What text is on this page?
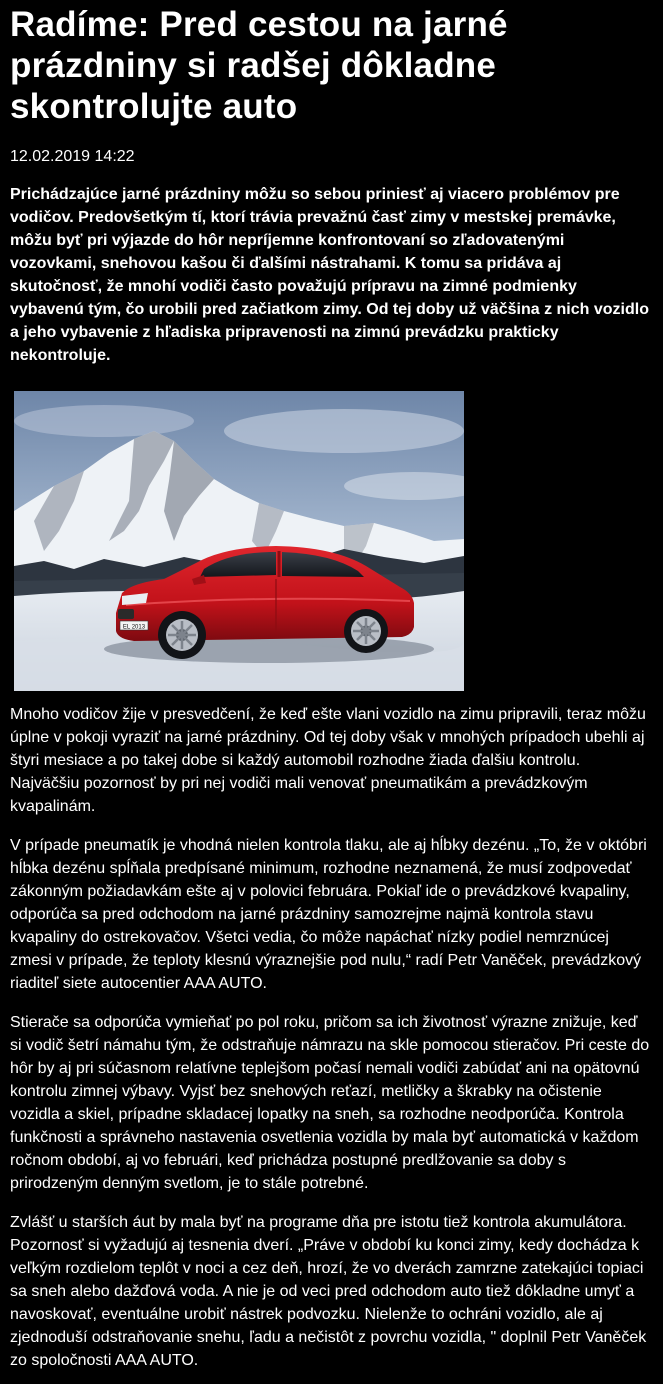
Radíme: Pred cestou na jarné prázdniny si radšej dôkladne skontrolujte auto
12.02.2019 14:22

Prichádzajúce jarné prázdniny môžu so sebou priniesť aj viacero problémov pre vodičov. Predovšetkým tí, ktorí trávia prevažnú časť zimy v mestskej premávke, môžu byť pri výjazde do hôr nepríjemne konfrontovaní so zľadovatenými vozovkami, snehovou kašou či ďalšími nástrahami. K tomu sa pridáva aj skutočnosť, že mnohí vodiči často považujú prípravu na zimné podmienky vybavenú tým, čo urobili pred začiatkom zimy. Od tej doby už väčšina z nich vozidlo a jeho vybavenie z hľadiska pripravenosti na zimnú prevádzku prakticky nekontroluje.

EL 2013

Mnoho vodičov žije v presvedčení, že keď ešte vlani vozidlo na zimu pripravili, teraz môžu úplne v pokoji vyraziť na jarné prázdniny. Od tej doby však v mnohých prípadoch ubehli aj štyri mesiace a po takej dobe si každý automobil rozhodne žiada ďalšiu kontrolu. Najväčšiu pozornosť by pri nej vodiči mali venovať pneumatikám a prevádzkovým kvapalinám.

V prípade pneumatík je vhodná nielen kontrola tlaku, ale aj hĺbky dezénu. „To, že v októbri hĺbka dezénu spĺňala predpísané minimum, rozhodne neznamená, že musí zodpovedať zákonným požiadavkám ešte aj v polovici februára. Pokiaľ ide o prevádzkové kvapaliny, odporúča sa pred odchodom na jarné prázdniny samozrejme najmä kontrola stavu kvapaliny do ostrekovačov. Všetci vedia, čo môže napáchať nízky podiel nemrznúcej zmesi v prípade, že teploty klesnú výraznejšie pod nulu,“ radí Petr Vaněček, prevádzkový riaditeľ siete autocentier AAA AUTO.

Stierače sa odporúča vymieňať po pol roku, pričom sa ich životnosť výrazne znižuje, keď si vodič šetrí námahu tým, že odstraňuje námrazu na skle pomocou stieračov. Pri ceste do hôr by aj pri súčasnom relatívne teplejšom počasí nemali vodiči zabúdať ani na opätovnú kontrolu zimnej výbavy. Vyjsť bez snehových reťazí, metličky a škrabky na očistenie vozidla a skiel, prípadne skladacej lopatky na sneh, sa rozhodne neodporúča. Kontrola funkčnosti a správneho nastavenia osvetlenia vozidla by mala byť automatická v každom ročnom období, aj vo februári, keď prichádza postupné predlžovanie sa doby s prirodzeným denným svetlom, je to stále potrebné.

Zvlášť u starších áut by mala byť na programe dňa pre istotu tiež kontrola akumulátora. Pozornosť si vyžadujú aj tesnenia dverí. „Práve v období ku konci zimy, kedy dochádza k veľkým rozdielom teplôt v noci a cez deň, hrozí, že vo dverách zamrzne zatekajúci topiaci sa sneh alebo dažďová voda. A nie je od veci pred odchodom auto tiež dôkladne umyť a navoskovať, eventuálne urobiť nástrek podvozku. Nielenže to ochráni vozidlo, ale aj zjednoduší odstraňovanie snehu, ľadu a nečistôt z povrchu vozidla, " doplnil Petr Vaněček zo spoločnosti AAA AUTO.
